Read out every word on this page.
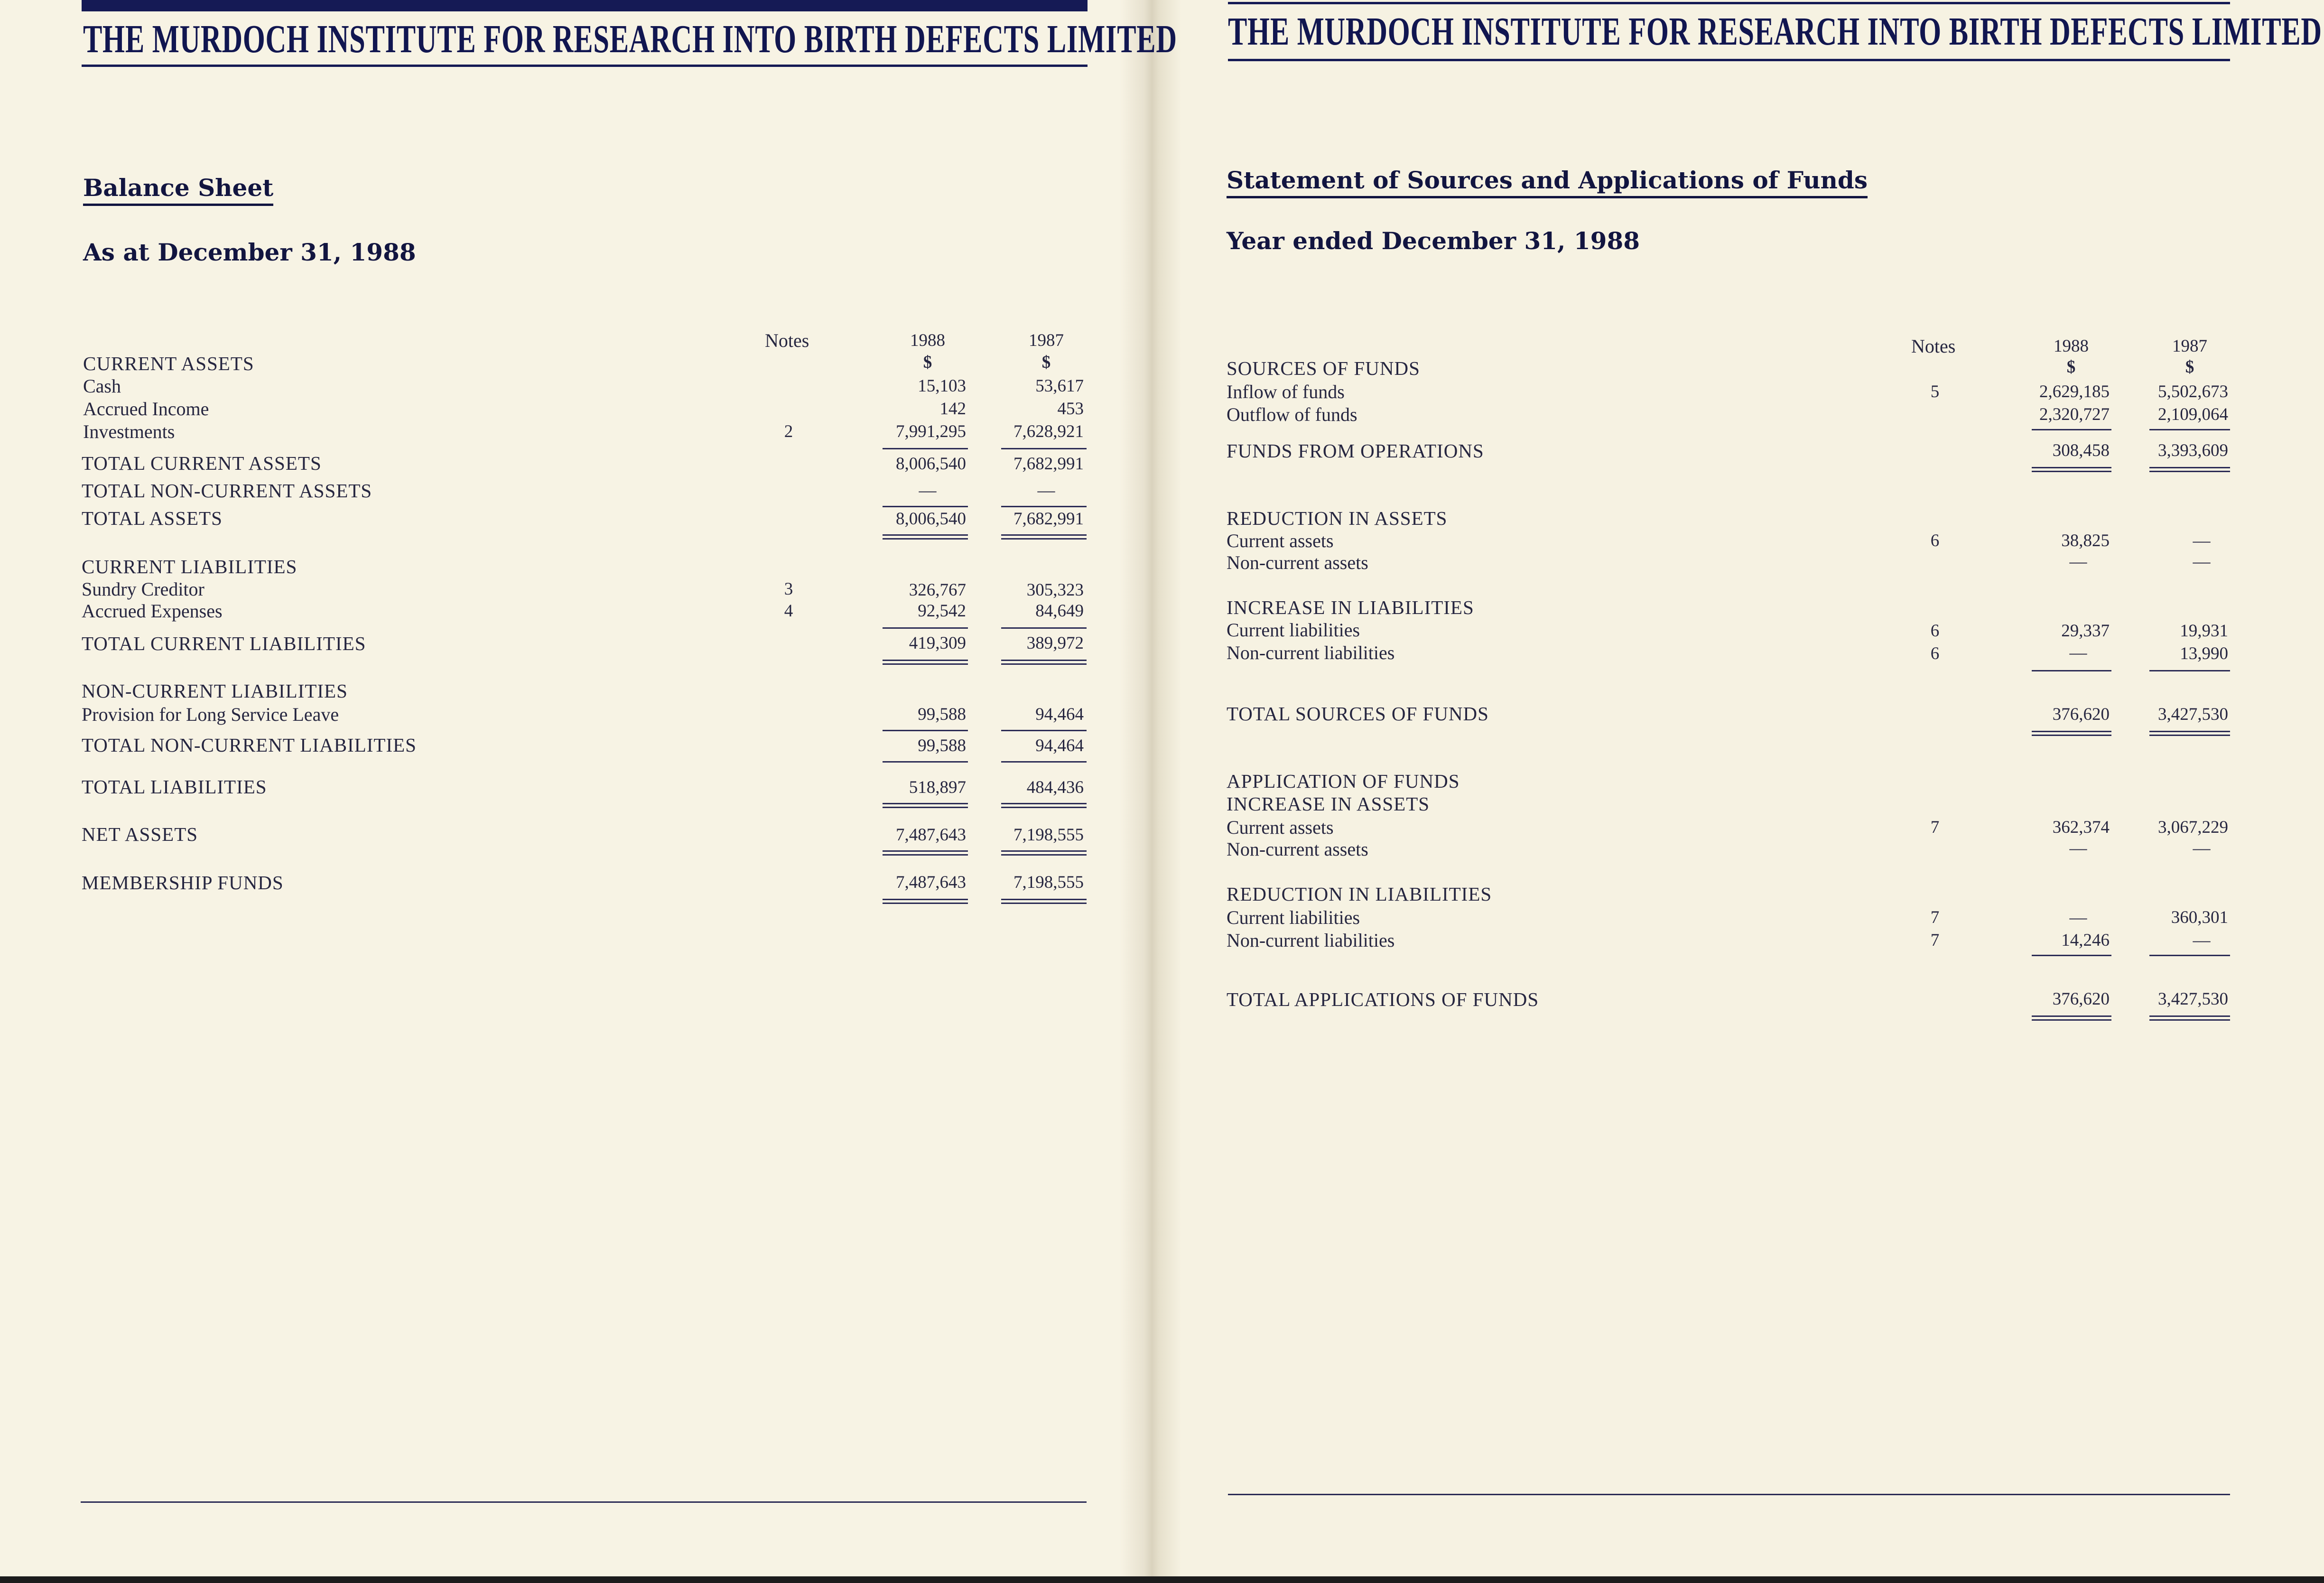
THE MURDOCH INSTITUTE FOR RESEARCH INTO BIRTH DEFECTS LIMITED
Balance Sheet
As at December 31, 1988
Notes	1988	1987
$	$
CURRENT ASSETS
Cash	15,103	53,617
Accrued Income	142	453
Investments	2	7,991,295	7,628,921
TOTAL CURRENT ASSETS	8,006,540	7,682,991
TOTAL NON-CURRENT ASSETS	—	—
TOTAL ASSETS	8,006,540	7,682,991
CURRENT LIABILITIES
Sundry Creditor	3	326,767	305,323
Accrued Expenses	4	92,542	84,649
TOTAL CURRENT LIABILITIES	419,309	389,972
NON-CURRENT LIABILITIES
Provision for Long Service Leave	99,588	94,464
TOTAL NON-CURRENT LIABILITIES	99,588	94,464
TOTAL LIABILITIES	518,897	484,436
NET ASSETS	7,487,643	7,198,555
MEMBERSHIP FUNDS	7,487,643	7,198,555
THE MURDOCH INSTITUTE FOR RESEARCH INTO BIRTH DEFECTS LIMITED
Statement of Sources and Applications of Funds
Year ended December 31, 1988
Notes	1988	1987
$	$
SOURCES OF FUNDS
Inflow of funds	5	2,629,185	5,502,673
Outflow of funds	2,320,727	2,109,064
FUNDS FROM OPERATIONS	308,458	3,393,609
REDUCTION IN ASSETS
Current assets	6	38,825	—
Non-current assets	—	—
INCREASE IN LIABILITIES
Current liabilities	6	29,337	19,931
Non-current liabilities	6	—	13,990
TOTAL SOURCES OF FUNDS	376,620	3,427,530
APPLICATION OF FUNDS
INCREASE IN ASSETS
Current assets	7	362,374	3,067,229
Non-current assets	—	—
REDUCTION IN LIABILITIES
Current liabilities	7	—	360,301
Non-current liabilities	7	14,246	—
TOTAL APPLICATIONS OF FUNDS	376,620	3,427,530
